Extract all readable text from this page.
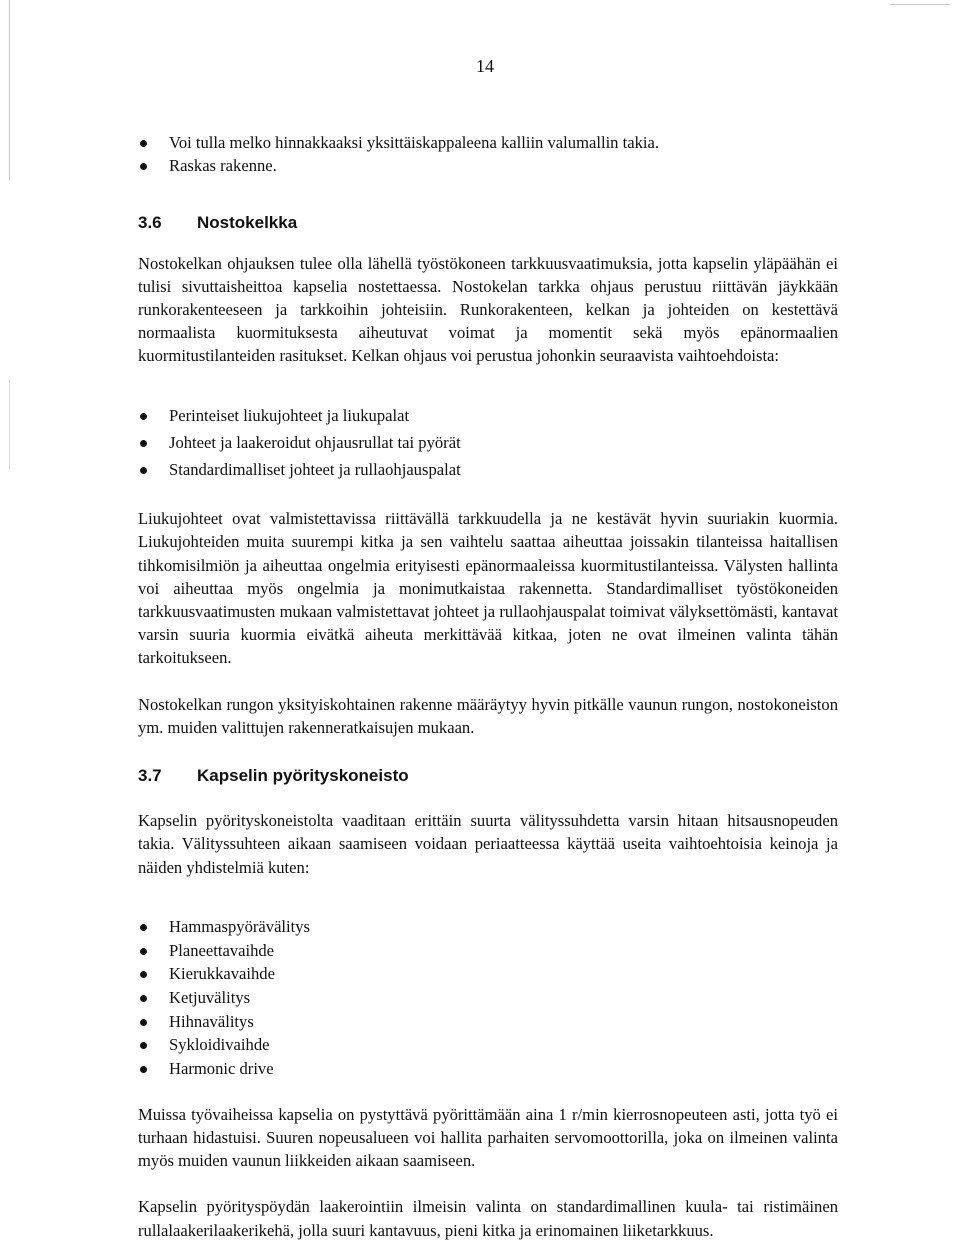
14
Voi tulla melko hinnakkaaksi yksittäiskappaleena kalliin valumallin takia.
Raskas rakenne.
3.6 Nostokelkka

Nostokelkan ohjauksen tulee olla lähellä työstökoneen tarkkuusvaatimuksia, jotta kapselin yläpäähän ei tulisi sivuttaisheittoa kapselia nostettaessa. Nostokelan tarkka ohjaus perustuu riittävän jäykkään runkorakenteeseen ja tarkkoihin johteisiin. Runkorakenteen, kelkan ja johteiden on kestettävä normaalista kuormituksesta aiheutuvat voimat ja momentit sekä myös epänormaalien kuormitustilanteiden rasitukset. Kelkan ohjaus voi perustua johonkin seuraavista vaihtoehdoista:

Perinteiset liukujohteet ja liukupalat
Johteet ja laakeroidut ohjausrullat tai pyörät
Standardimalliset johteet ja rullaohjauspalat

Liukujohteet ovat valmistettavissa riittävällä tarkkuudella ja ne kestävät hyvin suuriakin kuormia. Liukujohteiden muita suurempi kitka ja sen vaihtelu saattaa aiheuttaa joissakin tilanteissa haitallisen tihkomisilmiön ja aiheuttaa ongelmia erityisesti epänormaaleissa kuormitustilanteissa. Välysten hallinta voi aiheuttaa myös ongelmia ja monimutkaistaa rakennetta. Standardimalliset työstökoneiden tarkkuusvaatimusten mukaan valmistettavat johteet ja rullaohjauspalat toimivat välyksettömästi, kantavat varsin suuria kuormia eivätkä aiheuta merkittävää kitkaa, joten ne ovat ilmeinen valinta tähän tarkoitukseen.

Nostokelkan rungon yksityiskohtainen rakenne määräytyy hyvin pitkälle vaunun rungon, nostokoneiston ym. muiden valittujen rakenneratkaisujen mukaan.

3.7 Kapselin pyörityskoneisto

Kapselin pyörityskoneistolta vaaditaan erittäin suurta välityssuhdetta varsin hitaan hitsausnopeuden takia. Välityssuhteen aikaan saamiseen voidaan periaatteessa käyttää useita vaihtoehtoisia keinoja ja näiden yhdistelmiä kuten:

Hammaspyörävälitys
Planeettavaihde
Kierukkavaihde
Ketjuvälitys
Hihnavälitys
Sykloidivaihde
Harmonic drive

Muissa työvaiheissa kapselia on pystyttävä pyörittämään aina 1 r/min kierrosnopeuteen asti, jotta työ ei turhaan hidastuisi. Suuren nopeusalueen voi hallita parhaiten servomoottorilla, joka on ilmeinen valinta myös muiden vaunun liikkeiden aikaan saamiseen.

Kapselin pyörityspöydän laakerointiin ilmeisin valinta on standardimallinen kuula- tai ristimäinen rullalaakerilaakerikehä, jolla suuri kantavuus, pieni kitka ja erinomainen liiketarkkuus.
